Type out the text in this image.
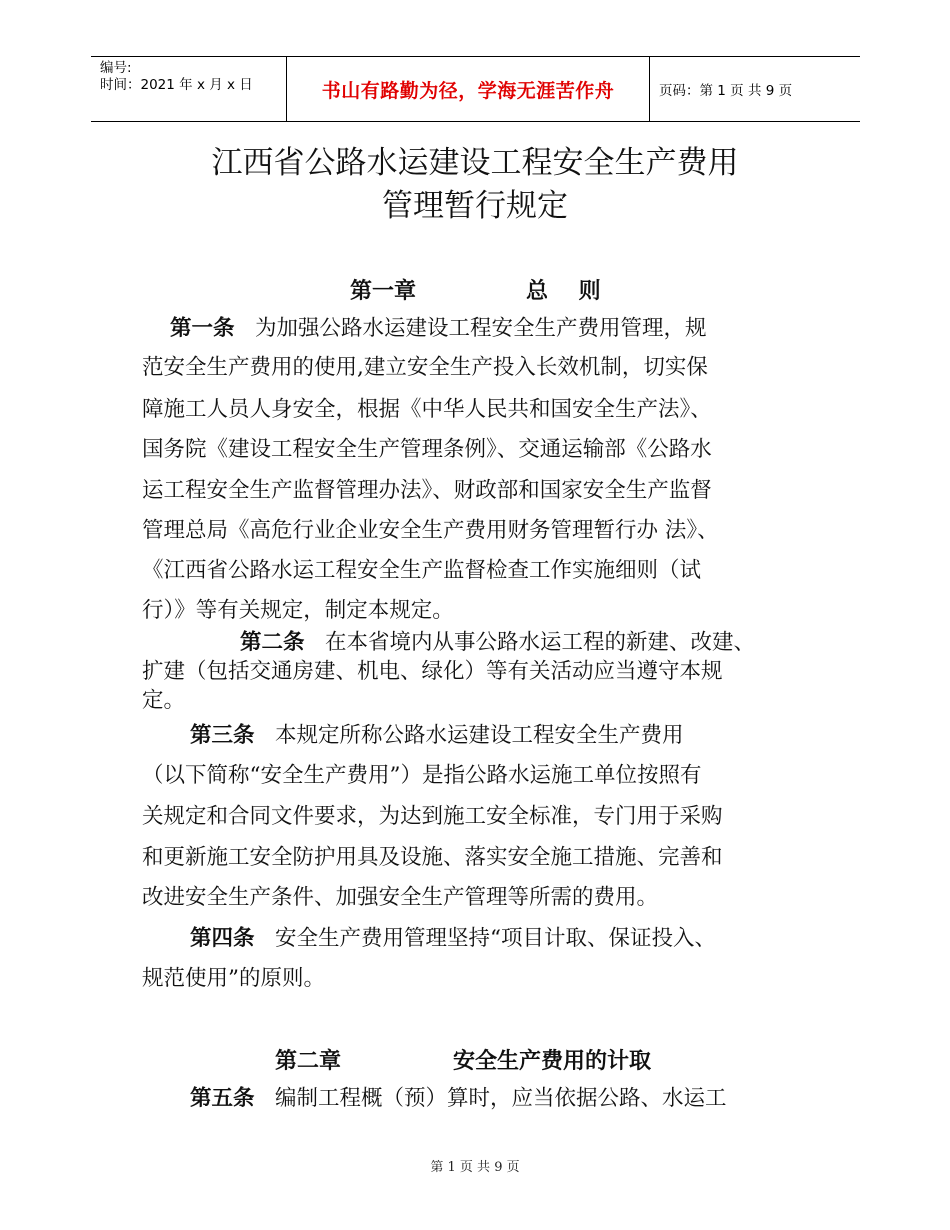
编号:
时间：2021 年 x 月 x 日	书山有路勤为径，学海无涯苦作舟	页码：第 1 页 共 9 页
江西省公路水运建设工程安全生产费用
管理暂行规定
第一章	总    则
第一条 为加强公路水运建设工程安全生产费用管理，规
范安全生产费用的使用,建立安全生产投入长效机制，切实保
障施工人员人身安全，根据《中华人民共和国安全生产法》、
国务院《建设工程安全生产管理条例》、交通运输部《公路水
运工程安全生产监督管理办法》、财政部和国家安全生产监督
管理总局《高危行业企业安全生产费用财务管理暂行办 法》、
《江西省公路水运工程安全生产监督检查工作实施细则（试
行）》等有关规定，制定本规定。
第二条 在本省境内从事公路水运工程的新建、改建、
扩建（包括交通房建、机电、绿化）等有关活动应当遵守本规
定。
第三条 本规定所称公路水运建设工程安全生产费用
（以下简称“安全生产费用”）是指公路水运施工单位按照有
关规定和合同文件要求，为达到施工安全标准，专门用于采购
和更新施工安全防护用具及设施、落实安全施工措施、完善和
改进安全生产条件、加强安全生产管理等所需的费用。
第四条 安全生产费用管理坚持“项目计取、保证投入、
规范使用”的原则。
第二章	安全生产费用的计取
第五条 编制工程概（预）算时，应当依据公路、水运工
第 1 页 共 9 页
